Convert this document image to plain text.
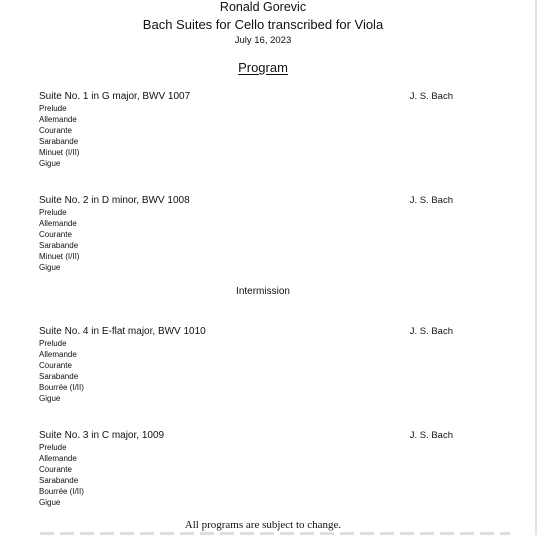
Ronald Gorevic
Bach Suites for Cello transcribed for Viola
July 16, 2023
Program
Suite No. 1 in G major, BWV 1007	J. S. Bach
Prelude
Allemande
Courante
Sarabande
Minuet (I/II)
Gigue
Suite No. 2 in D minor, BWV 1008	J. S. Bach
Prelude
Allemande
Courante
Sarabande
Minuet (I/II)
Gigue
Intermission
Suite No. 4 in E-flat major, BWV 1010	J. S. Bach
Prelude
Allemande
Courante
Sarabande
Bourrée (I/II)
Gigue
Suite No. 3 in C major, 1009	J. S. Bach
Prelude
Allemande
Courante
Sarabande
Bourrée (I/II)
Gigue
All programs are subject to change.
